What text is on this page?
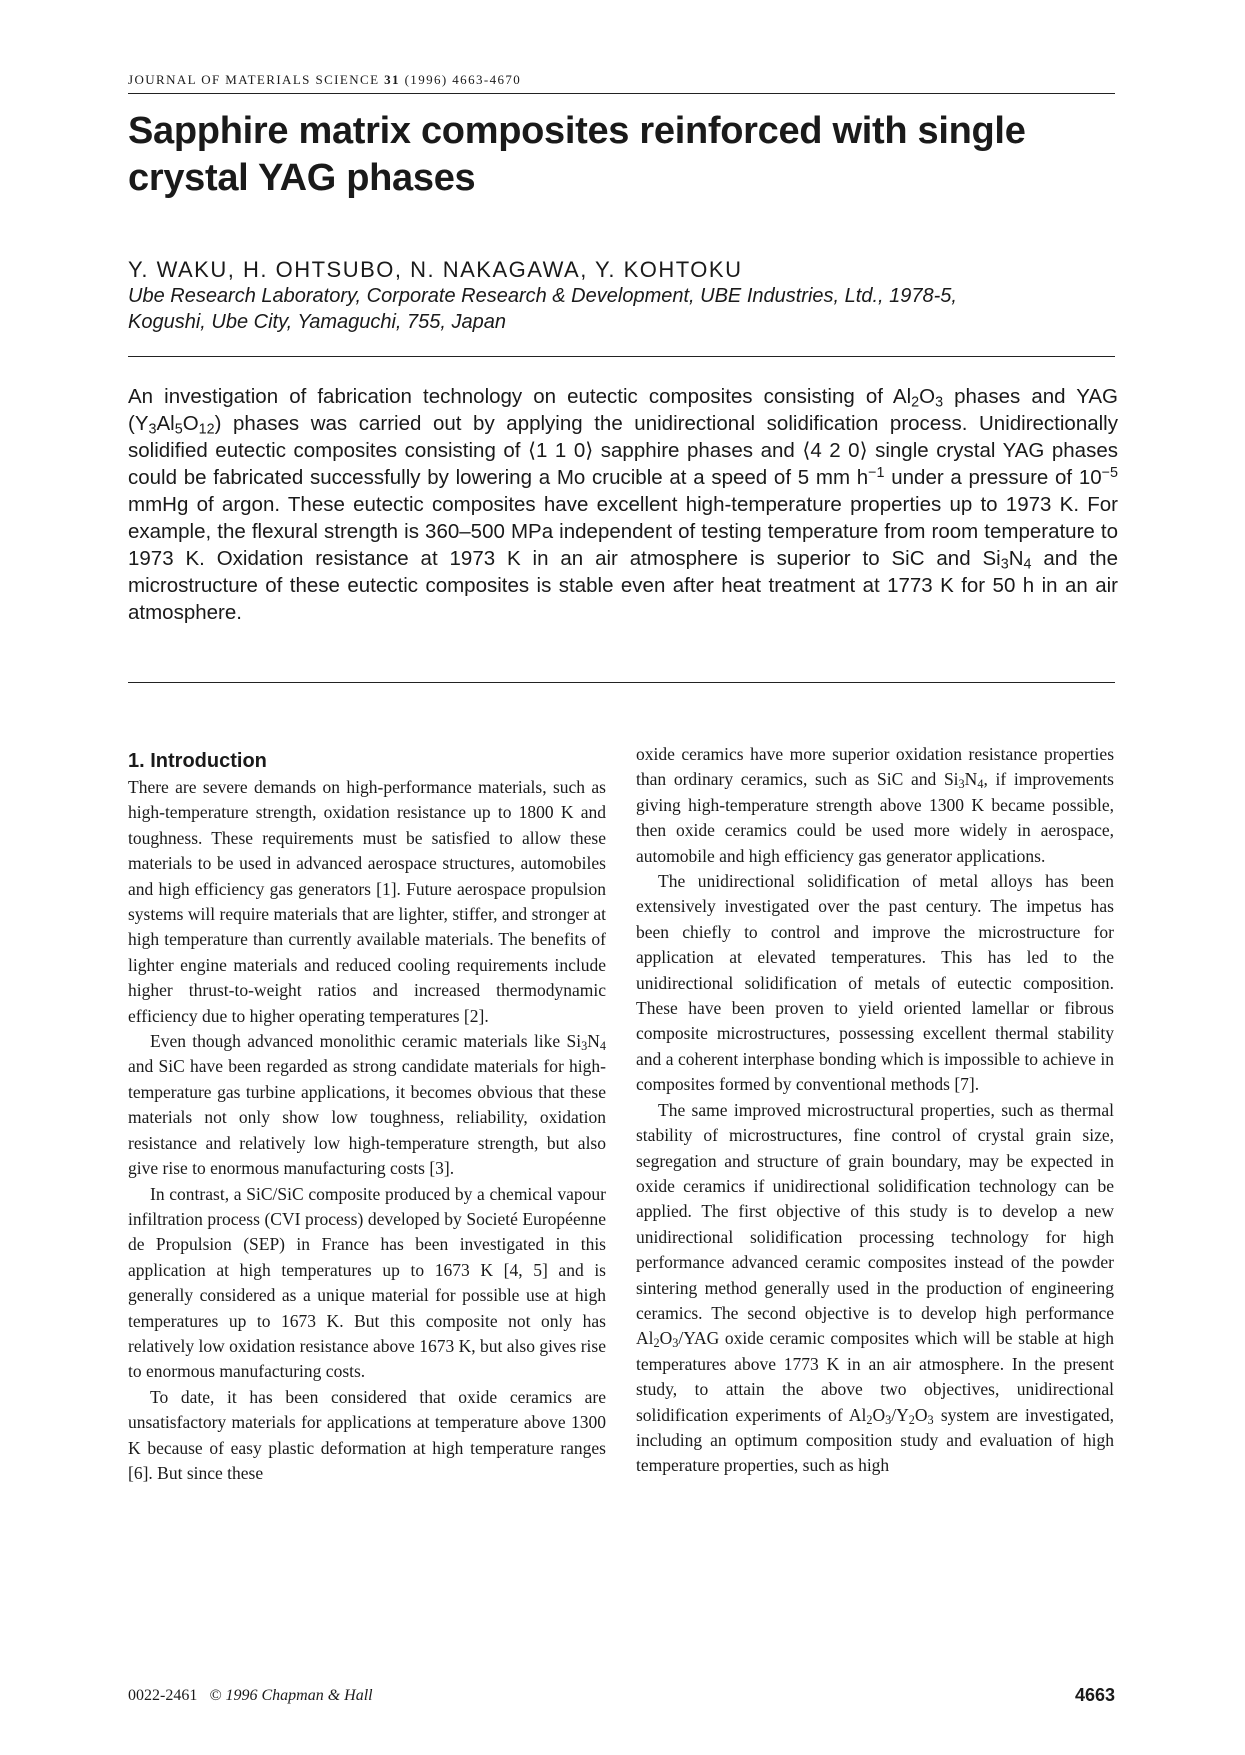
JOURNAL OF MATERIALS SCIENCE 31 (1996) 4663-4670
Sapphire matrix composites reinforced with single crystal YAG phases
Y. WAKU, H. OHTSUBO, N. NAKAGAWA, Y. KOHTOKU
Ube Research Laboratory, Corporate Research & Development, UBE Industries, Ltd., 1978-5,
Kogushi, Ube City, Yamaguchi, 755, Japan
An investigation of fabrication technology on eutectic composites consisting of $Al_2O_3$ phases and YAG $(Y_3Al_5O_{12})$ phases was carried out by applying the unidirectional solidification process. Unidirectionally solidified eutectic composites consisting of ⟨1 1 0⟩ sapphire phases and ⟨4 2 0⟩ single crystal YAG phases could be fabricated successfully by lowering a Mo crucible at a speed of 5 mm $h^{-1}$ under a pressure of $10^{-5}$ mmHg of argon. These eutectic composites have excellent high-temperature properties up to 1973 K. For example, the flexural strength is 360–500 MPa independent of testing temperature from room temperature to 1973 K. Oxidation resistance at 1973 K in an air atmosphere is superior to SiC and $Si_3N_4$ and the microstructure of these eutectic composites is stable even after heat treatment at 1773 K for 50 h in an air atmosphere.
1. Introduction

There are severe demands on high-performance materials, such as high-temperature strength, oxidation resistance up to 1800 K and toughness. These requirements must be satisfied to allow these materials to be used in advanced aerospace structures, automobiles and high efficiency gas generators [1]. Future aerospace propulsion systems will require materials that are lighter, stiffer, and stronger at high temperature than currently available materials. The benefits of lighter engine materials and reduced cooling requirements include higher thrust-to-weight ratios and increased thermodynamic efficiency due to higher operating temperatures [2].

Even though advanced monolithic ceramic materials like $Si_3N_4$ and SiC have been regarded as strong candidate materials for high-temperature gas turbine applications, it becomes obvious that these materials not only show low toughness, reliability, oxidation resistance and relatively low high-temperature strength, but also give rise to enormous manufacturing costs [3].

In contrast, a SiC/SiC composite produced by a chemical vapour infiltration process (CVI process) developed by Societé Européenne de Propulsion (SEP) in France has been investigated in this application at high temperatures up to 1673 K [4, 5] and is generally considered as a unique material for possible use at high temperatures up to 1673 K. But this composite not only has relatively low oxidation resistance above 1673 K, but also gives rise to enormous manufacturing costs.

To date, it has been considered that oxide ceramics are unsatisfactory materials for applications at temperature above 1300 K because of easy plastic deformation at high temperature ranges [6]. But since these

oxide ceramics have more superior oxidation resistance properties than ordinary ceramics, such as SiC and $Si_3N_4$, if improvements giving high-temperature strength above 1300 K became possible, then oxide ceramics could be used more widely in aerospace, automobile and high efficiency gas generator applications.

The unidirectional solidification of metal alloys has been extensively investigated over the past century. The impetus has been chiefly to control and improve the microstructure for application at elevated temperatures. This has led to the unidirectional solidification of metals of eutectic composition. These have been proven to yield oriented lamellar or fibrous composite microstructures, possessing excellent thermal stability and a coherent interphase bonding which is impossible to achieve in composites formed by conventional methods [7].

The same improved microstructural properties, such as thermal stability of microstructures, fine control of crystal grain size, segregation and structure of grain boundary, may be expected in oxide ceramics if unidirectional solidification technology can be applied. The first objective of this study is to develop a new unidirectional solidification processing technology for high performance advanced ceramic composites instead of the powder sintering method generally used in the production of engineering ceramics. The second objective is to develop high performance $Al_2O_3$/YAG oxide ceramic composites which will be stable at high temperatures above 1773 K in an air atmosphere. In the present study, to attain the above two objectives, unidirectional solidification experiments of $Al_2O_3/Y_2O_3$ system are investigated, including an optimum composition study and evaluation of high temperature properties, such as high

0022-2461 © 1996 Chapman & Hall	4663
